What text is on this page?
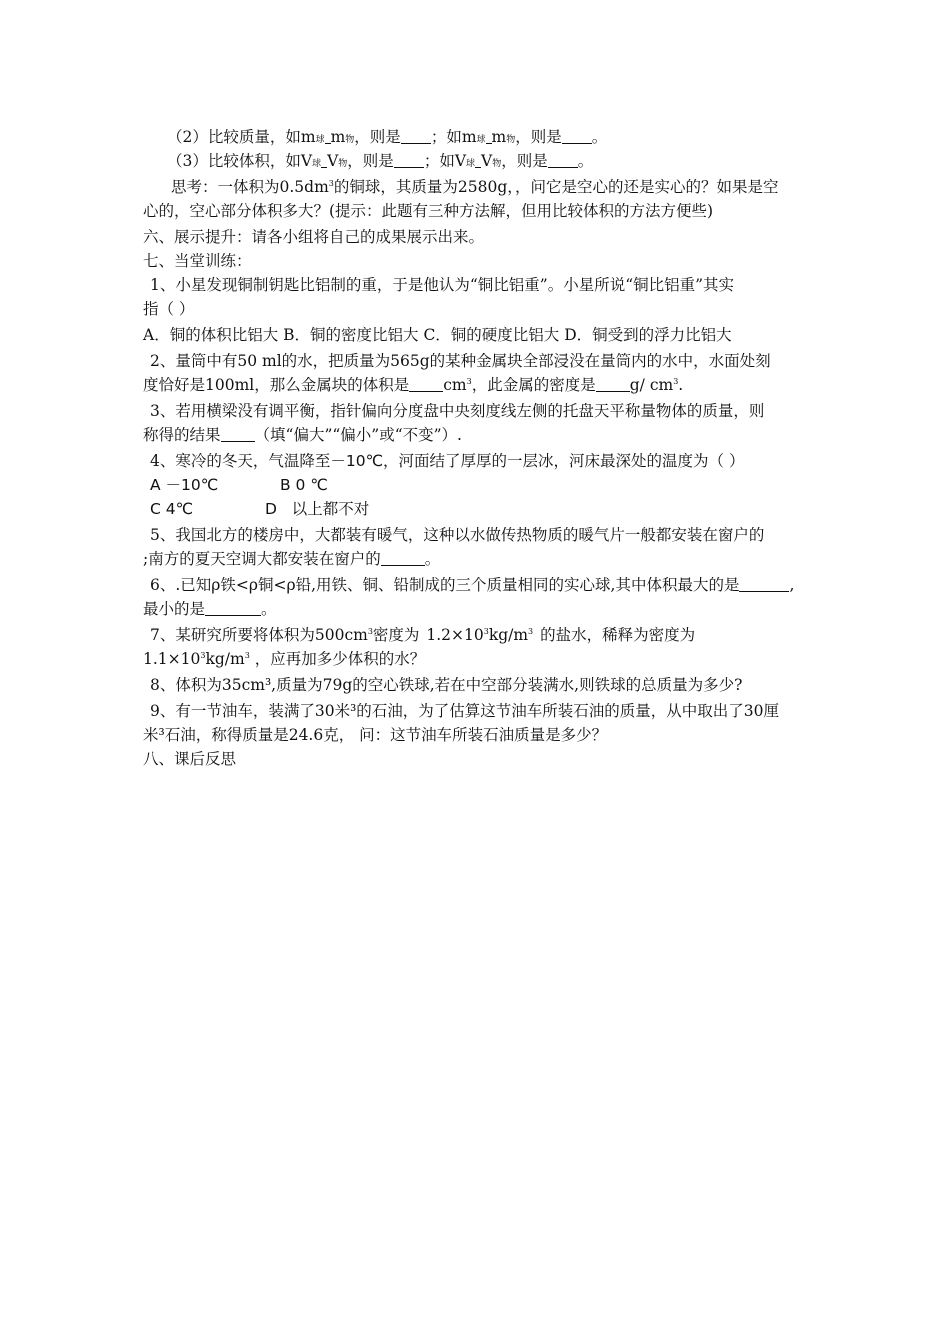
（2）比较质量，如m球 m物，则是 ；如m球 m物，则是 。
（3）比较体积，如V球 V物，则是 ；如V球 V物，则是 。
思考：一体积为$0.5dm^3$的铜球，其质量为2580g，，问它是空心的还是实心的？如果是空
心的，空心部分体积多大？(提示：此题有三种方法解，但用比较体积的方法方便些)
六、展示提升：请各小组将自己的成果展示出来。
七、当堂训练：
1、小星发现铜制钥匙比铝制的重，于是他认为“铜比铝重”。小星所说“铜比铝重”其实
指（ ）
A．铜的体积比铝大 B．铜的密度比铝大 C．铜的硬度比铝大 D．铜受到的浮力比铝大
2、量筒中有50 ml的水，把质量为565g的某种金属块全部浸没在量筒内的水中，水面处刻
度恰好是100ml，那么金属块的体积是 $cm^3$，此金属的密度是 g/ $cm^3$.
3、若用横梁没有调平衡，指针偏向分度盘中央刻度线左侧的托盘天平称量物体的质量，则
称得的结果 （填“偏大”“偏小”或“不变”）.
4、寒冷的冬天，气温降至－10℃，河面结了厚厚的一层冰，河床最深处的温度为（ ）
A －10℃	B 0 ℃
C 4℃	D 以上都不对
5、我国北方的楼房中，大都装有暖气，这种以水做传热物质的暖气片一般都安装在窗户的
;南方的夏天空调大都安装在窗户的	。
6、.已知ρ铁<ρ铜<ρ铅,用铁、铜、铅制成的三个质量相同的实心球,其中体积最大的是	,
最小的是	。
7、某研究所要将体积为$500cm^3$密度为 $1.2\times 10^3kg/m^3$ 的盐水，稀释为密度为
$1.1\times 10^3kg/m^3$ ，应再加多少体积的水？
8、体积为35cm³,质量为79g的空心铁球,若在中空部分装满水,则铁球的总质量为多少?
9、有一节油车，装满了30米³的石油，为了估算这节油车所装石油的质量，从中取出了30厘
米³石油，称得质量是24.6克， 问：这节油车所装石油质量是多少？
八、课后反思
